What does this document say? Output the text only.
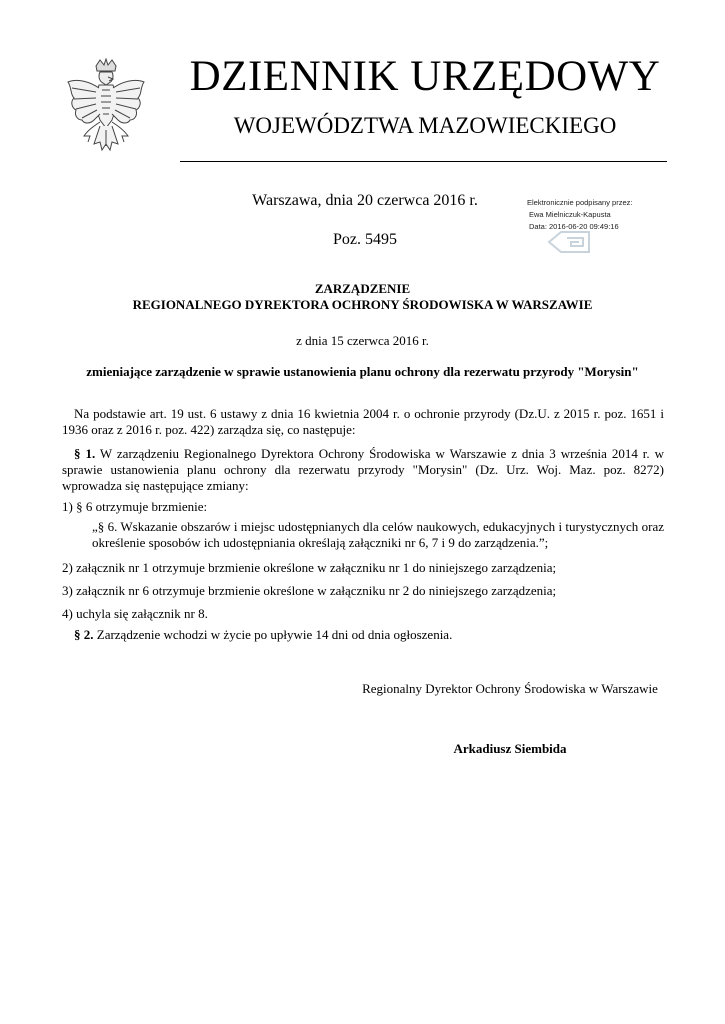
DZIENNIK URZĘDOWY
WOJEWÓDZTWA MAZOWIECKIEGO
Warszawa, dnia 20 czerwca 2016 r.
Poz. 5495
Elektronicznie podpisany przez:
Ewa Mielniczuk-Kapusta
Data: 2016-06-20 09:49:16
ZARZĄDZENIE
REGIONALNEGO DYREKTORA OCHRONY ŚRODOWISKA W WARSZAWIE
z dnia 15 czerwca 2016 r.
zmieniające zarządzenie w sprawie ustanowienia planu ochrony dla rezerwatu przyrody "Morysin"
Na podstawie art. 19 ust. 6 ustawy z dnia 16 kwietnia 2004 r. o ochronie przyrody (Dz.U. z 2015 r. poz. 1651 i 1936 oraz z 2016 r. poz. 422) zarządza się, co następuje:
§ 1. W zarządzeniu Regionalnego Dyrektora Ochrony Środowiska w Warszawie z dnia 3 września 2014 r. w sprawie ustanowienia planu ochrony dla rezerwatu przyrody "Morysin" (Dz. Urz. Woj. Maz. poz. 8272) wprowadza się następujące zmiany:
1) § 6 otrzymuje brzmienie:
„§ 6. Wskazanie obszarów i miejsc udostępnianych dla celów naukowych, edukacyjnych i turystycznych oraz określenie sposobów ich udostępniania określają załączniki nr 6, 7 i 9 do zarządzenia.”;
2) załącznik nr 1 otrzymuje brzmienie określone w załączniku nr 1 do niniejszego zarządzenia;
3) załącznik nr 6 otrzymuje brzmienie określone w załączniku nr 2 do niniejszego zarządzenia;
4) uchyla się załącznik nr 8.
§ 2. Zarządzenie wchodzi w życie po upływie 14 dni od dnia ogłoszenia.
Regionalny Dyrektor Ochrony Środowiska w Warszawie
Arkadiusz Siembida
